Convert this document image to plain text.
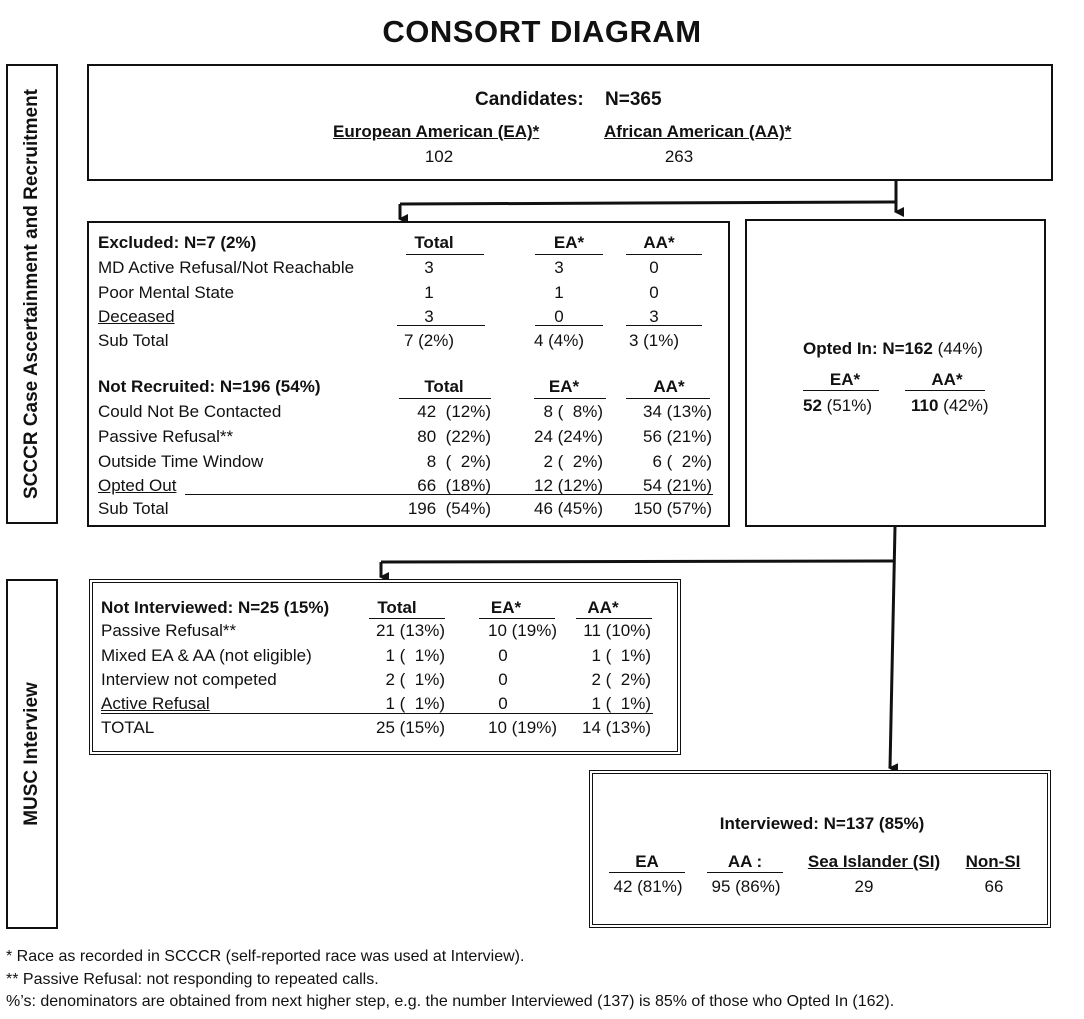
CONSORT DIAGRAM
SCCCR Case Ascertainment and Recruitment
MUSC Interview
Candidates: N=365
European American (EA)*	African American (AA)*
102	263
Excluded: N=7 (2%)	Total	EA*	AA*
MD Active Refusal/Not Reachable	3	3	0
Poor Mental State	1	1	0
Deceased	3	0	3
Sub Total	7 (2%)	4 (4%)	3 (1%)
Not Recruited: N=196 (54%)	Total	EA*	AA*
Could Not Be Contacted	42  (12%)	8 (  8%)	34 (13%)
Passive Refusal**	80  (22%)	24 (24%)	56 (21%)
Outside Time Window	8  (  2%)	2 (  2%)	6 (  2%)
Opted Out	66  (18%)	12 (12%)	54 (21%)
Sub Total	196  (54%)	46 (45%)	150 (57%)
Opted In: N=162 (44%)
EA*	AA*
52 (51%) 110 (42%)
Not Interviewed: N=25 (15%)	Total	EA*	AA*
Passive Refusal**	21 (13%)	10 (19%)	11 (10%)
Mixed EA & AA (not eligible)	1 (  1%)	0	1 (  1%)
Interview not competed	2 (  1%)	0	2 (  2%)
Active Refusal	1 (  1%)	0	1 (  1%)
TOTAL	25 (15%)	10 (19%)	14 (13%)
Interviewed: N=137 (85%)
EA	AA :	Sea Islander (SI)	Non-SI
42 (81%)	95 (86%)	29	66
* Race as recorded in SCCCR (self-reported race was used at Interview).
** Passive Refusal: not responding to repeated calls.
%’s: denominators are obtained from next higher step, e.g. the number Interviewed (137) is 85% of those who Opted In (162).
